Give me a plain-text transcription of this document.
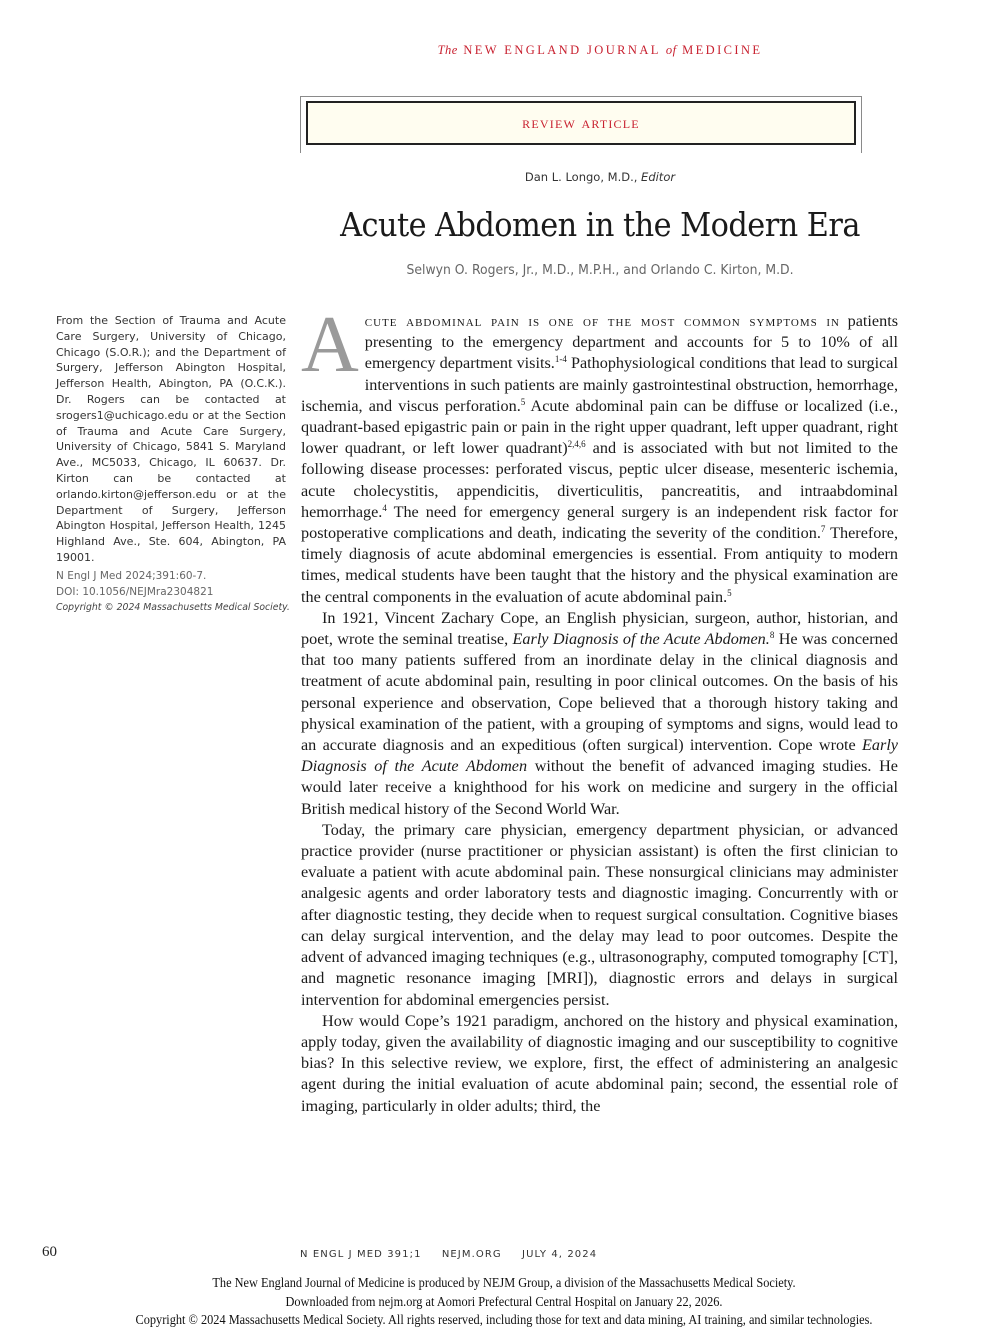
The NEW ENGLAND JOURNAL of MEDICINE
review article
Dan L. Longo, M.D., Editor
Acute Abdomen in the Modern Era
Selwyn O. Rogers, Jr., M.D., M.P.H., and Orlando C. Kirton, M.D.
From the Section of Trauma and Acute Care Surgery, University of Chicago, Chicago (S.O.R.); and the Department of Surgery, Jefferson Abington Hospital, Jefferson Health, Abington, PA (O.C.K.). Dr. Rogers can be contacted at srogers1@uchicago.edu or at the Section of Trauma and Acute Care Surgery, University of Chicago, 5841 S. Maryland Ave., MC5033, Chicago, IL 60637. Dr. Kirton can be contacted at orlando.kirton@jefferson.edu or at the Department of Surgery, Jefferson Abington Hospital, Jefferson Health, 1245 Highland Ave., Ste. 604, Abington, PA 19001.
N Engl J Med 2024;391:60-7.
DOI: 10.1056/NEJMra2304821
Copyright © 2024 Massachusetts Medical Society.

Acute abdominal pain is one of the most common symptoms in patients presenting to the emergency department and accounts for 5 to 10% of all emergency department visits.$^{1-4}$ Pathophysiological conditions that lead to surgical interventions in such patients are mainly gastrointestinal obstruction, hemorrhage, ischemia, and viscus perforation.$^5$ Acute abdominal pain can be diffuse or localized (i.e., quadrant-based epigastric pain or pain in the right upper quadrant, left upper quadrant, right lower quadrant, or left lower quadrant)$^{2,4,6}$ and is associated with but not limited to the following disease processes: perforated viscus, peptic ulcer disease, mesenteric ischemia, acute cholecystitis, appendicitis, diverticulitis, pancreatitis, and intraabdominal hemorrhage.$^4$ The need for emergency general surgery is an independent risk factor for postoperative complications and death, indicating the severity of the condition.$^7$ Therefore, timely diagnosis of acute abdominal emergencies is essential. From antiquity to modern times, medical students have been taught that the history and the physical examination are the central components in the evaluation of acute abdominal pain.$^5$

In 1921, Vincent Zachary Cope, an English physician, surgeon, author, historian, and poet, wrote the seminal treatise, Early Diagnosis of the Acute Abdomen.$^8$ He was concerned that too many patients suffered from an inordinate delay in the clinical diagnosis and treatment of acute abdominal pain, resulting in poor clinical outcomes. On the basis of his personal experience and observation, Cope believed that a thorough history taking and physical examination of the patient, with a grouping of symptoms and signs, would lead to an accurate diagnosis and an expeditious (often surgical) intervention. Cope wrote Early Diagnosis of the Acute Abdomen without the benefit of advanced imaging studies. He would later receive a knighthood for his work on medicine and surgery in the official British medical history of the Second World War.

Today, the primary care physician, emergency department physician, or advanced practice provider (nurse practitioner or physician assistant) is often the first clinician to evaluate a patient with acute abdominal pain. These nonsurgical clinicians may administer analgesic agents and order laboratory tests and diagnostic imaging. Concurrently with or after diagnostic testing, they decide when to request surgical consultation. Cognitive biases can delay surgical intervention, and the delay may lead to poor outcomes. Despite the advent of advanced imaging techniques (e.g., ultrasonography, computed tomography [CT], and magnetic resonance imaging [MRI]), diagnostic errors and delays in surgical intervention for abdominal emergencies persist.

How would Cope’s 1921 paradigm, anchored on the history and physical examination, apply today, given the availability of diagnostic imaging and our susceptibility to cognitive bias? In this selective review, we explore, first, the effect of administering an analgesic agent during the initial evaluation of acute abdominal pain; second, the essential role of imaging, particularly in older adults; third, the

60	N ENGL J MED 391;1 NEJM.ORG JULY 4, 2024
The New England Journal of Medicine is produced by NEJM Group, a division of the Massachusetts Medical Society.
Downloaded from nejm.org at Aomori Prefectural Central Hospital on January 22, 2026.
Copyright © 2024 Massachusetts Medical Society. All rights reserved, including those for text and data mining, AI training, and similar technologies.
